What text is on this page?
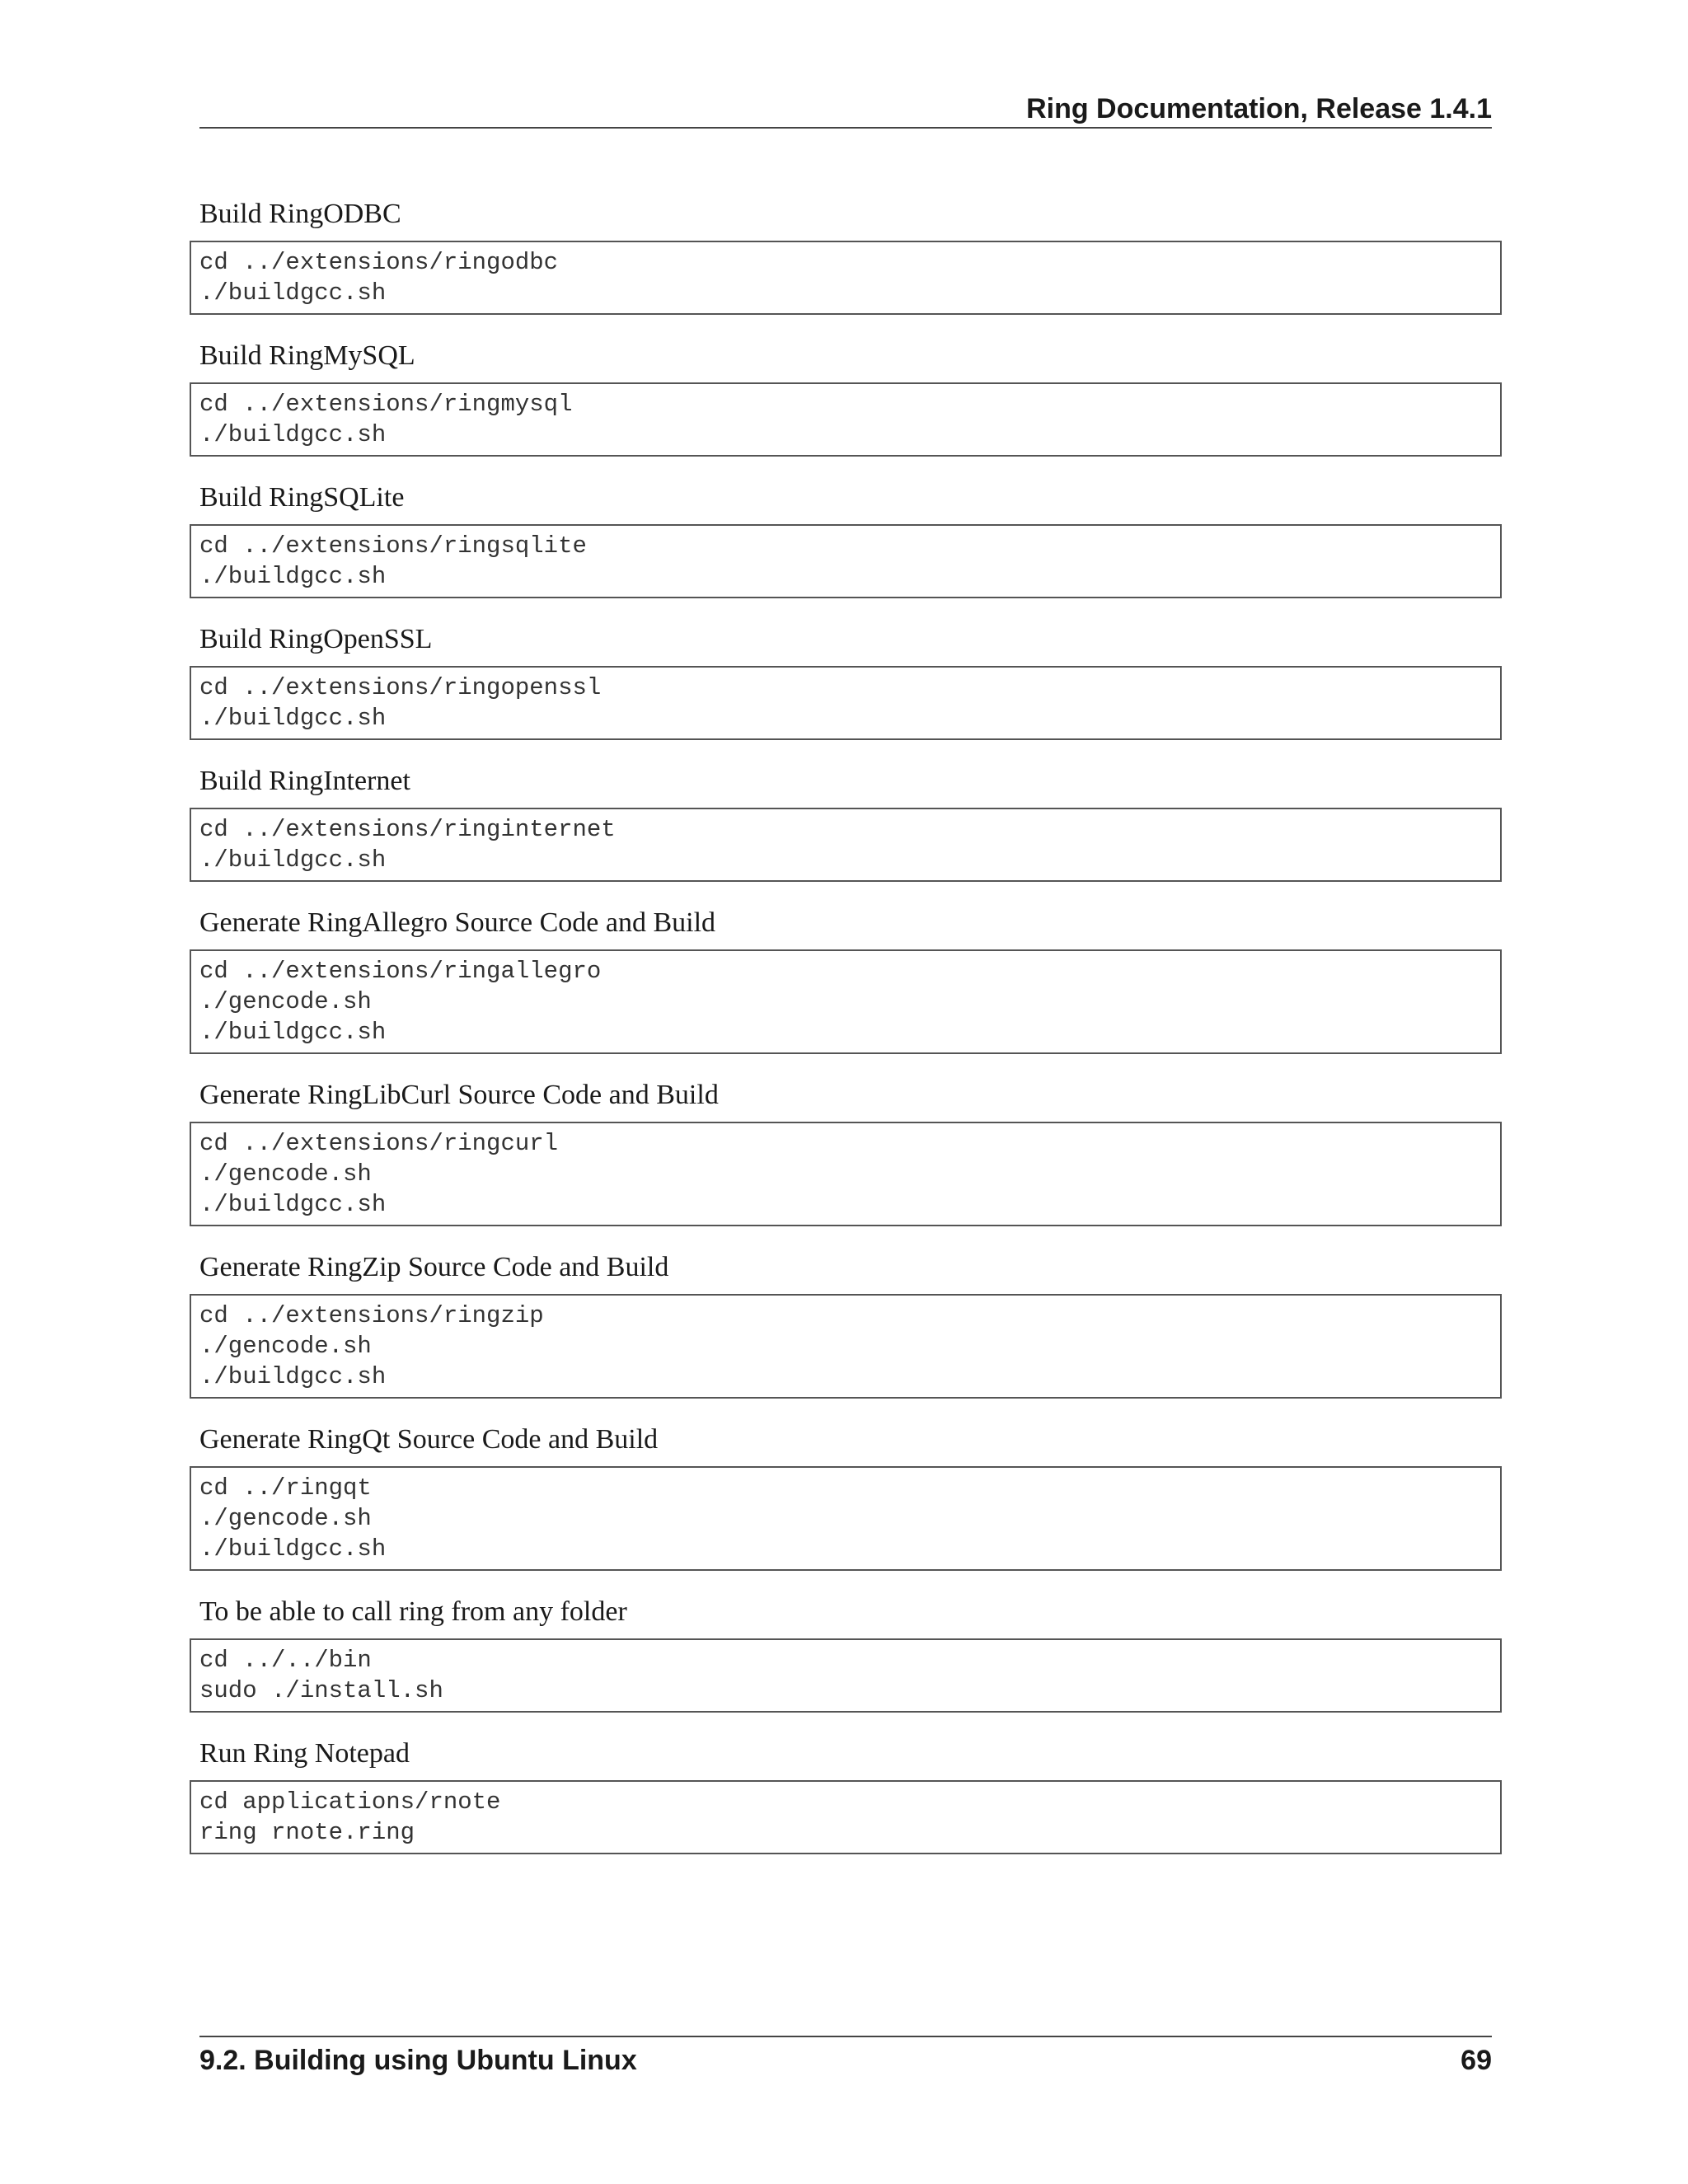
Ring Documentation, Release 1.4.1
Build RingODBC
cd ../extensions/ringodbc
./buildgcc.sh
Build RingMySQL
cd ../extensions/ringmysql
./buildgcc.sh
Build RingSQLite
cd ../extensions/ringsqlite
./buildgcc.sh
Build RingOpenSSL
cd ../extensions/ringopenssl
./buildgcc.sh
Build RingInternet
cd ../extensions/ringinternet
./buildgcc.sh
Generate RingAllegro Source Code and Build
cd ../extensions/ringallegro
./gencode.sh
./buildgcc.sh
Generate RingLibCurl Source Code and Build
cd ../extensions/ringcurl
./gencode.sh
./buildgcc.sh
Generate RingZip Source Code and Build
cd ../extensions/ringzip
./gencode.sh
./buildgcc.sh
Generate RingQt Source Code and Build
cd ../ringqt
./gencode.sh
./buildgcc.sh
To be able to call ring from any folder
cd ../../bin
sudo ./install.sh
Run Ring Notepad
cd applications/rnote
ring rnote.ring
9.2. Building using Ubuntu Linux	69
